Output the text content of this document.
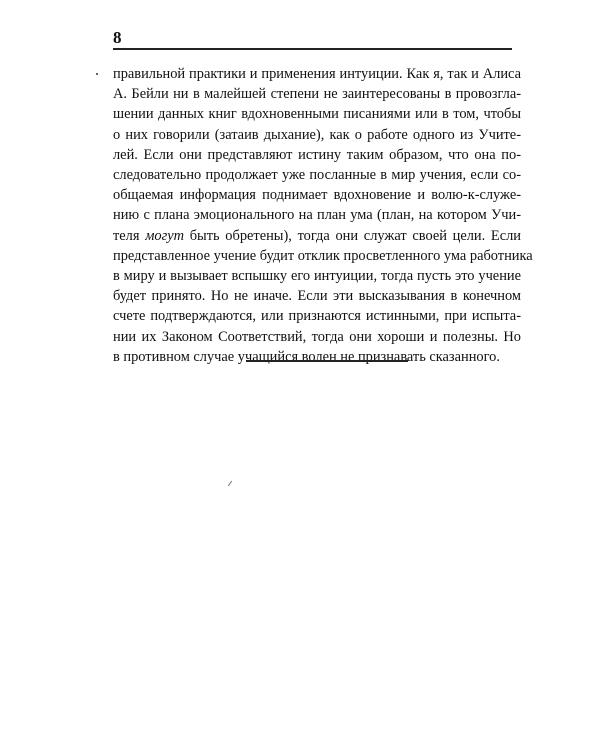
8
правильной практики и применения интуиции. Как я, так и Алиса
А. Бейли ни в малейшей степени не заинтересованы в провозгла-
шении данных книг вдохновенными писаниями или в том, чтобы
о них говорили (затаив дыхание), как о работе одного из Учите-
лей. Если они представляют истину таким образом, что она по-
следовательно продолжает уже посланные в мир учения, если со-
общаемая информация поднимает вдохновение и волю-к-служе-
нию с плана эмоционального на план ума (план, на котором Учи-
теля могут быть обретены), тогда они служат своей цели. Если
представленное учение будит отклик просветленного ума работника
в миру и вызывает вспышку его интуиции, тогда пусть это учение
будет принято. Но не иначе. Если эти высказывания в конечном
счете подтверждаются, или признаются истинными, при испыта-
нии их Законом Соответствий, тогда они хороши и полезны. Но
в противном случае учащийся волен не признавать сказанного.
